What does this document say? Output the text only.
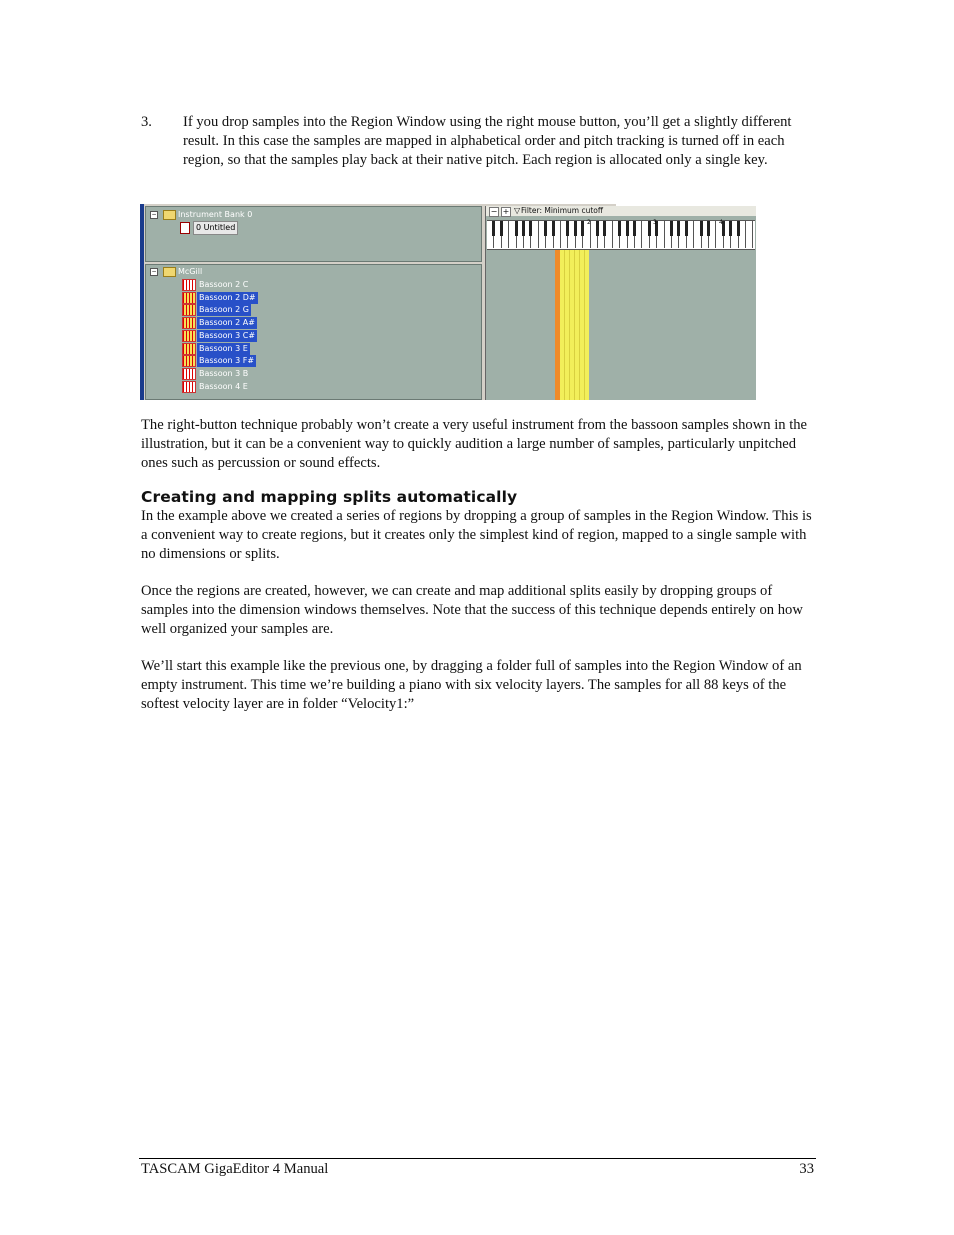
3. If you drop samples into the Region Window using the right mouse button, you’ll get a slightly different result. In this case the samples are mapped in alphabetical order and pitch tracking is turned off in each region, so that the samples play back at their native pitch. Each region is allocated only a single key.

−	Instrument Bank 0
0 Untitled
−	McGill
Bassoon 2 C
Bassoon 2 D#
Bassoon 2 G
Bassoon 2 A#
Bassoon 3 C#
Bassoon 3 E
Bassoon 3 F#
Bassoon 3 B
Bassoon 4 E
− + ▽ Filter: Minimum cutoff
2	3	4

The right-button technique probably won’t create a very useful instrument from the bassoon samples shown in the illustration, but it can be a convenient way to quickly audition a large number of samples, particularly unpitched ones such as percussion or sound effects.

Creating and mapping splits automatically

In the example above we created a series of regions by dropping a group of samples in the Region Window. This is a convenient way to create regions, but it creates only the simplest kind of region, mapped to a single sample with no dimensions or splits.

Once the regions are created, however, we can create and map additional splits easily by dropping groups of samples into the dimension windows themselves. Note that the success of this technique depends entirely on how well organized your samples are.

We’ll start this example like the previous one, by dragging a folder full of samples into the Region Window of an empty instrument. This time we’re building a piano with six velocity layers. The samples for all 88 keys of the softest velocity layer are in folder “Velocity1:”

TASCAM GigaEditor 4 Manual	33
